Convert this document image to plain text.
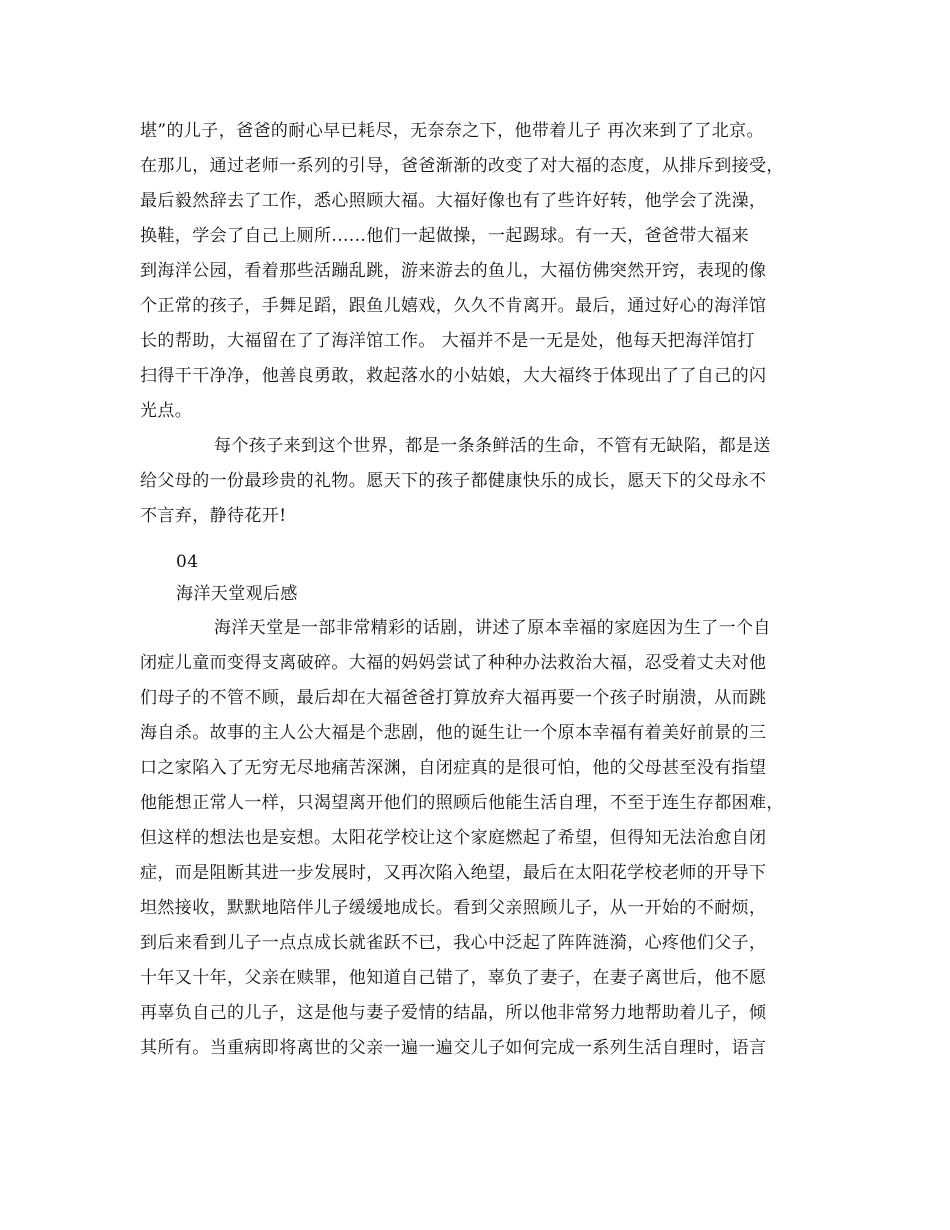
堪”的儿子，爸爸的耐心早已耗尽，无奈奈之下，他带着儿子 再次来到了了北京。
在那儿，通过老师一系列的引导，爸爸渐渐的改变了对大福的态度，从排斥到接受，
最后毅然辞去了工作，悉心照顾大福。大福好像也有了些许好转，他学会了洗澡，
换鞋，学会了自己上厕所......他们一起做操，一起踢球。有一天，爸爸带大福来
到海洋公园，看着那些活蹦乱跳，游来游去的鱼儿，大福仿佛突然开窍，表现的像
个正常的孩子，手舞足蹈，跟鱼儿嬉戏，久久不肯离开。最后，通过好心的海洋馆
长的帮助，大福留在了了海洋馆工作。 大福并不是一无是处，他每天把海洋馆打
扫得干干净净，他善良勇敢，救起落水的小姑娘，大大福终于体现出了了自己的闪
光点。
每个孩子来到这个世界，都是一条条鲜活的生命，不管有无缺陷，都是送
给父母的一份最珍贵的礼物。愿天下的孩子都健康快乐的成长，愿天下的父母永不
不言弃，静待花开!
04
海洋天堂观后感
海洋天堂是一部非常精彩的话剧，讲述了原本幸福的家庭因为生了一个自
闭症儿童而变得支离破碎。大福的妈妈尝试了种种办法救治大福，忍受着丈夫对他
们母子的不管不顾，最后却在大福爸爸打算放弃大福再要一个孩子时崩溃，从而跳
海自杀。故事的主人公大福是个悲剧，他的诞生让一个原本幸福有着美好前景的三
口之家陷入了无穷无尽地痛苦深渊，自闭症真的是很可怕，他的父母甚至没有指望
他能想正常人一样，只渴望离开他们的照顾后他能生活自理，不至于连生存都困难，
但这样的想法也是妄想。太阳花学校让这个家庭燃起了希望，但得知无法治愈自闭
症，而是阻断其进一步发展时，又再次陷入绝望，最后在太阳花学校老师的开导下
坦然接收，默默地陪伴儿子缓缓地成长。看到父亲照顾儿子，从一开始的不耐烦，
到后来看到儿子一点点成长就雀跃不已，我心中泛起了阵阵涟漪，心疼他们父子，
十年又十年，父亲在赎罪，他知道自己错了，辜负了妻子，在妻子离世后，他不愿
再辜负自己的儿子，这是他与妻子爱情的结晶，所以他非常努力地帮助着儿子，倾
其所有。当重病即将离世的父亲一遍一遍交儿子如何完成一系列生活自理时，语言
